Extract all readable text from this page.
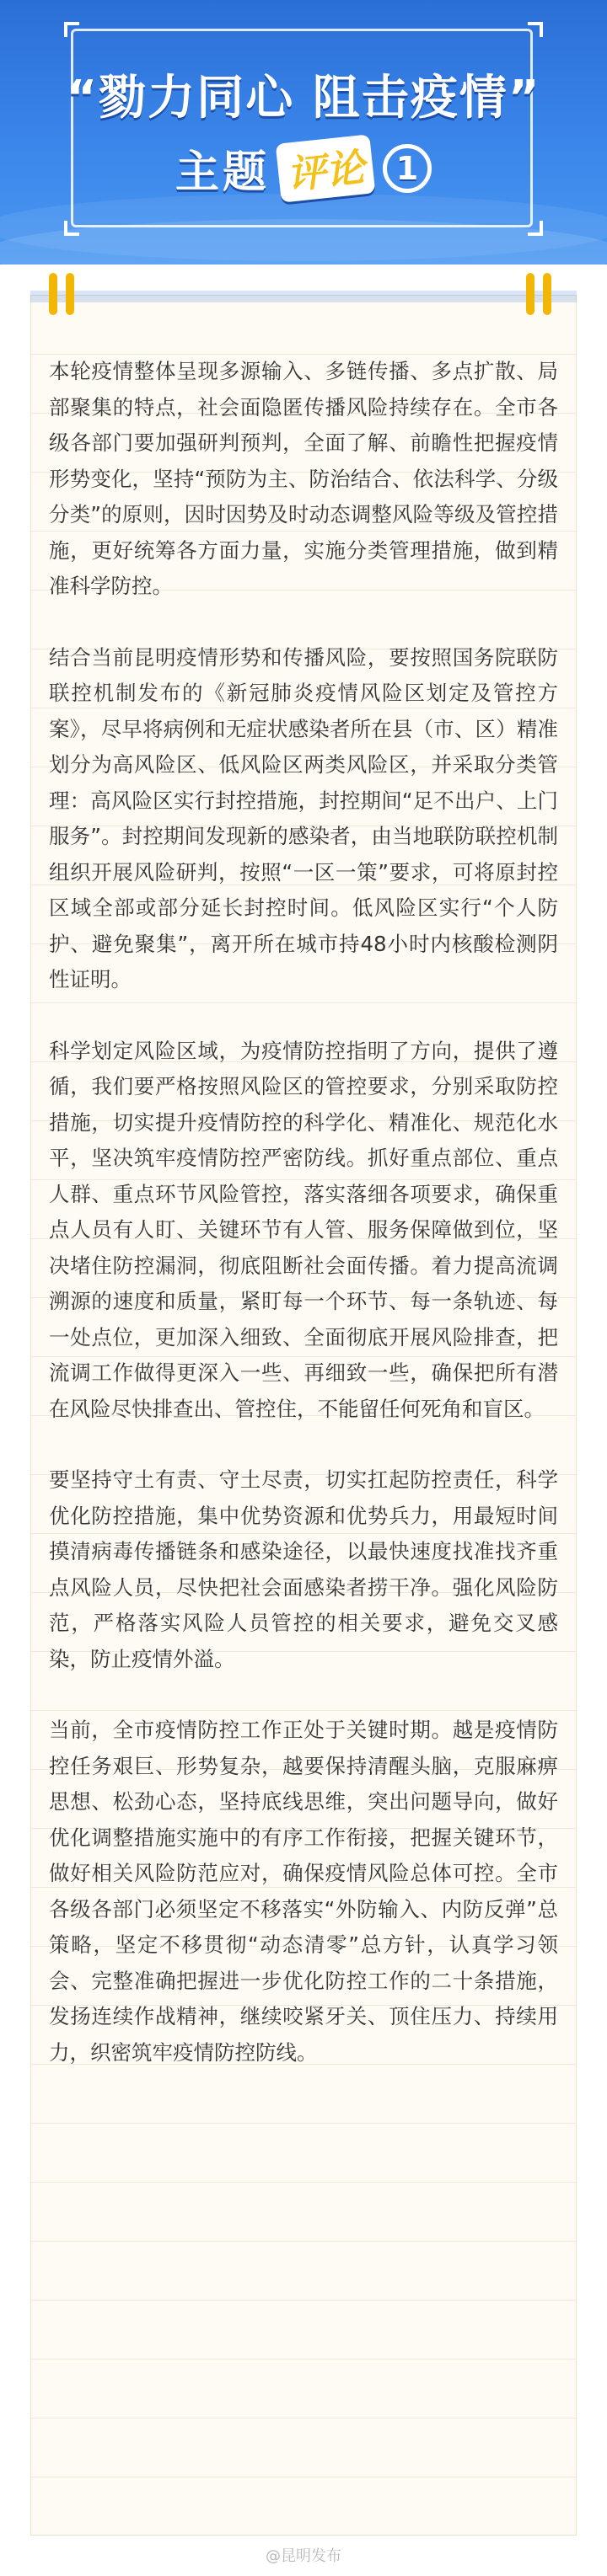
“勠力同心 阻击疫情”
主题 评论 1

本轮疫情整体呈现多源输入、多链传播、多点扩散、局部聚集的特点，社会面隐匿传播风险持续存在。全市各级各部门要加强研判预判，全面了解、前瞻性把握疫情形势变化，坚持“预防为主、防治结合、依法科学、分级分类”的原则，因时因势及时动态调整风险等级及管控措施，更好统筹各方面力量，实施分类管理措施，做到精准科学防控。

结合当前昆明疫情形势和传播风险，要按照国务院联防联控机制发布的《新冠肺炎疫情风险区划定及管控方案》，尽早将病例和无症状感染者所在县（市、区）精准划分为高风险区、低风险区两类风险区，并采取分类管理：高风险区实行封控措施，封控期间“足不出户、上门服务”。封控期间发现新的感染者，由当地联防联控机制组织开展风险研判，按照“一区一策”要求，可将原封控区域全部或部分延长封控时间。低风险区实行“个人防护、避免聚集”，离开所在城市持48小时内核酸检测阴性证明。

科学划定风险区域，为疫情防控指明了方向，提供了遵循，我们要严格按照风险区的管控要求，分别采取防控措施，切实提升疫情防控的科学化、精准化、规范化水平，坚决筑牢疫情防控严密防线。抓好重点部位、重点人群、重点环节风险管控，落实落细各项要求，确保重点人员有人盯、关键环节有人管、服务保障做到位，坚决堵住防控漏洞，彻底阻断社会面传播。着力提高流调溯源的速度和质量，紧盯每一个环节、每一条轨迹、每一处点位，更加深入细致、全面彻底开展风险排查，把流调工作做得更深入一些、再细致一些，确保把所有潜在风险尽快排查出、管控住，不能留任何死角和盲区。

要坚持守土有责、守土尽责，切实扛起防控责任，科学优化防控措施，集中优势资源和优势兵力，用最短时间摸清病毒传播链条和感染途径，以最快速度找准找齐重点风险人员，尽快把社会面感染者捞干净。强化风险防范，严格落实风险人员管控的相关要求，避免交叉感染，防止疫情外溢。

当前，全市疫情防控工作正处于关键时期。越是疫情防控任务艰巨、形势复杂，越要保持清醒头脑，克服麻痹思想、松劲心态，坚持底线思维，突出问题导向，做好优化调整措施实施中的有序工作衔接，把握关键环节，做好相关风险防范应对，确保疫情风险总体可控。全市各级各部门必须坚定不移落实“外防输入、内防反弹”总策略，坚定不移贯彻“动态清零”总方针，认真学习领会、完整准确把握进一步优化防控工作的二十条措施，发扬连续作战精神，继续咬紧牙关、顶住压力、持续用力，织密筑牢疫情防控防线。

@昆明发布
